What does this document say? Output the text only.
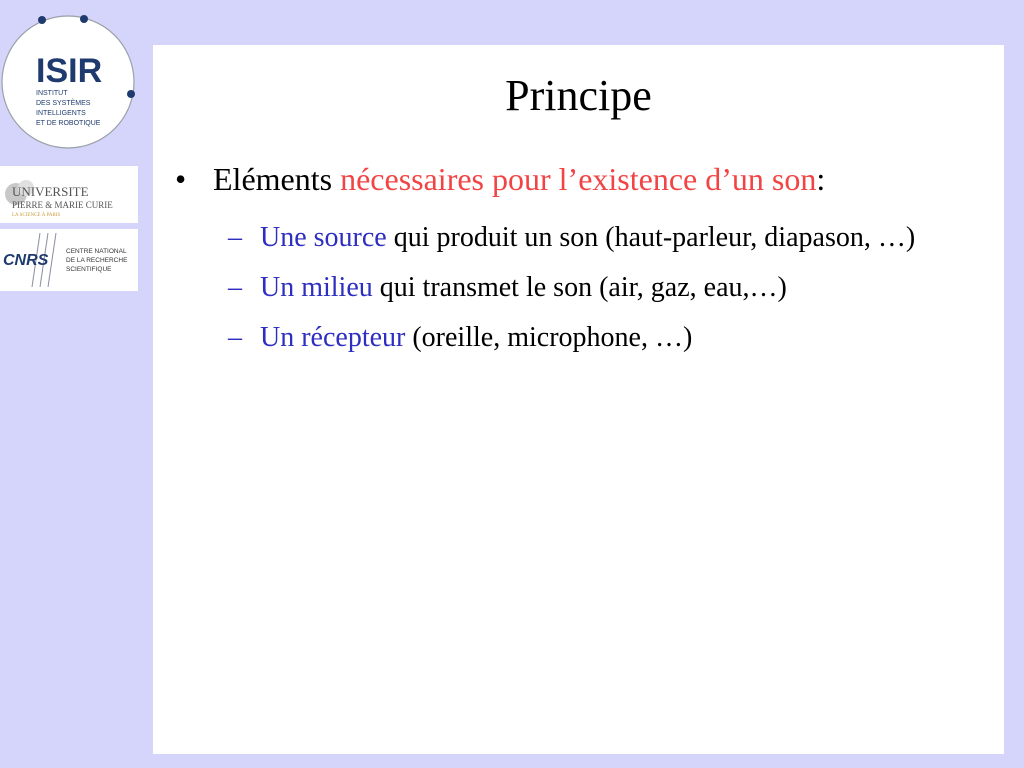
ISIR
INSTITUT
DES SYSTÈMES
INTELLIGENTS
ET DE ROBOTIQUE
UNIVERSITE
PIERRE & MARIE CURIE
LA SCIENCE À PARIS
CNRS
CENTRE NATIONAL
DE LA RECHERCHE
SCIENTIFIQUE
Principe
• Eléments nécessaires pour l’existence d’un son:
– Une source qui produit un son (haut-parleur, diapason, …)
– Un milieu qui transmet le son (air, gaz, eau,…)
– Un récepteur (oreille, microphone, …)
